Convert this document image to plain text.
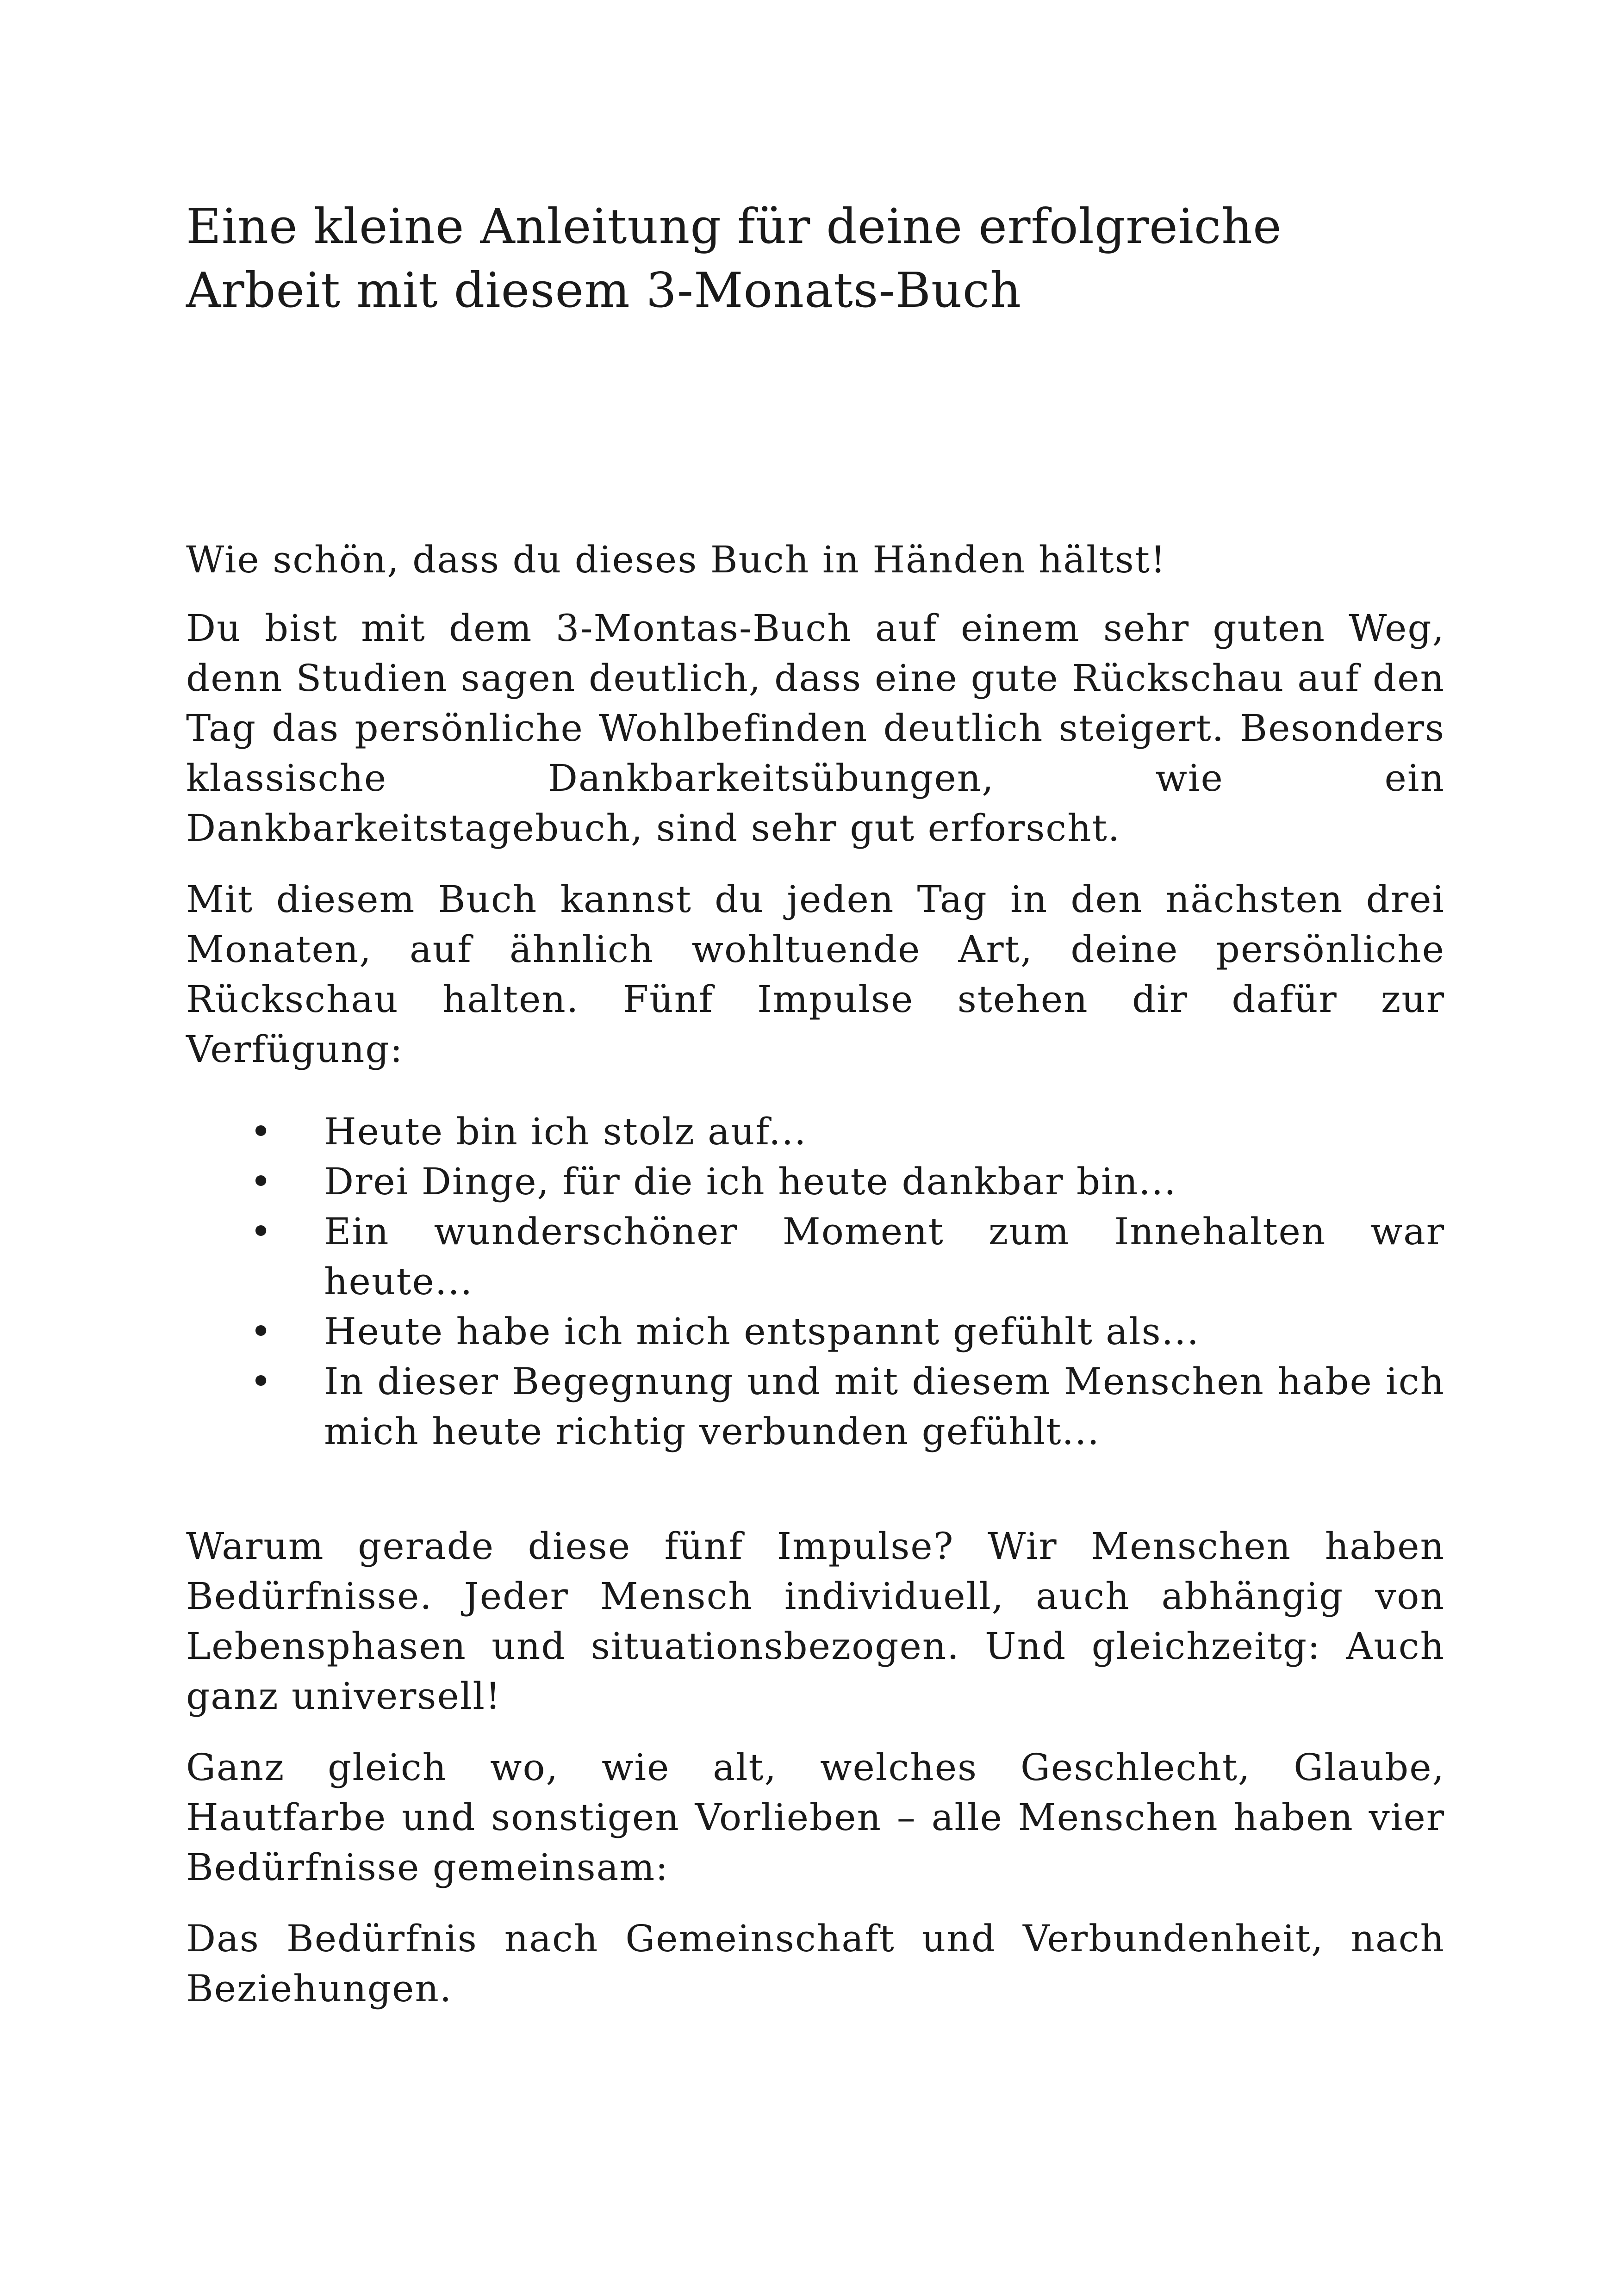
Eine kleine Anleitung für deine erfolgreiche Arbeit mit diesem 3-Monats-Buch

Wie schön, dass du dieses Buch in Händen hältst!

Du bist mit dem 3-Montas-Buch auf einem sehr guten Weg, denn Studien sagen deutlich, dass eine gute Rückschau auf den Tag das persönliche Wohlbefinden deutlich steigert. Besonders klassische Dankbarkeitsübungen, wie ein Dankbarkeitstagebuch, sind sehr gut erforscht.

Mit diesem Buch kannst du jeden Tag in den nächsten drei Monaten, auf ähnlich wohltuende Art, deine persönliche Rückschau halten. Fünf Impulse stehen dir dafür zur Verfügung:

• Heute bin ich stolz auf...
• Drei Dinge, für die ich heute dankbar bin...
• Ein wunderschöner Moment zum Innehalten war heute...
• Heute habe ich mich entspannt gefühlt als...
• In dieser Begegnung und mit diesem Menschen habe ich mich heute richtig verbunden gefühlt...

Warum gerade diese fünf Impulse? Wir Menschen haben Bedürfnisse. Jeder Mensch individuell, auch abhängig von Lebensphasen und situationsbezogen. Und gleichzeitg: Auch ganz universell!

Ganz gleich wo, wie alt, welches Geschlecht, Glaube, Hautfarbe und sonstigen Vorlieben – alle Menschen haben vier Bedürfnisse gemeinsam:

Das Bedürfnis nach Gemeinschaft und Verbundenheit, nach Beziehungen.
